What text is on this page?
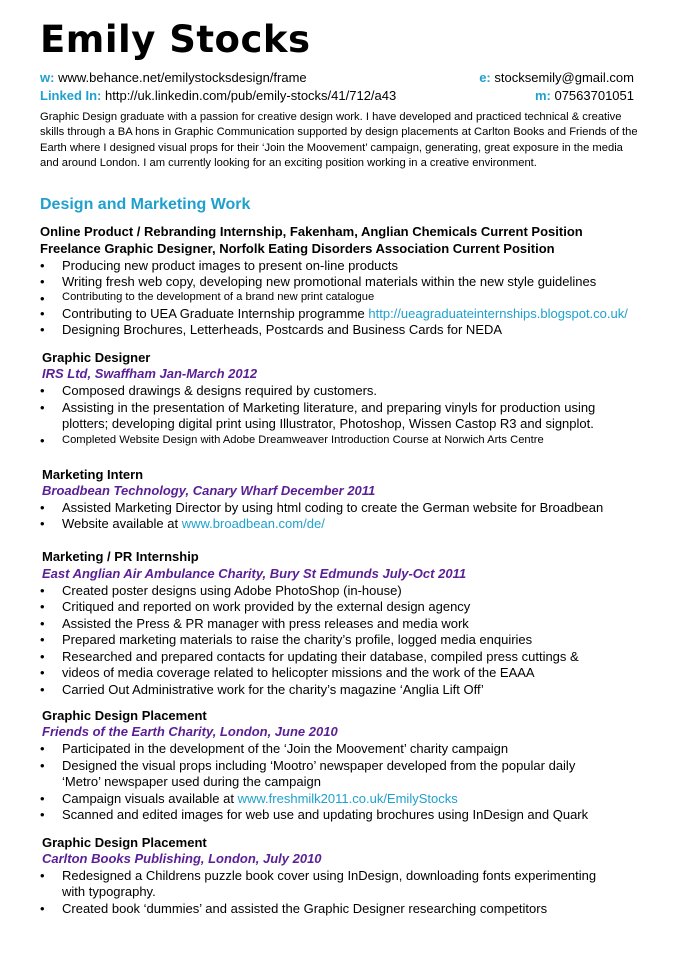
Emily Stocks
w: www.behance.net/emilystocksdesign/frame
Linked In: http://uk.linkedin.com/pub/emily-stocks/41/712/a43
e: stocksemily@gmail.com
m: 07563701051
Graphic Design graduate with a passion for creative design work. I have developed and practiced technical & creative skills through a BA hons in Graphic Communication supported by design placements at Carlton Books and Friends of the Earth where I designed visual props for their ‘Join the Moovement’ campaign, generating, great exposure in the media and around London. I am currently looking for an exciting position working in a creative environment.
Design and Marketing Work
Online Product / Rebranding Internship, Fakenham, Anglian Chemicals Current Position
Freelance Graphic Designer, Norfolk Eating Disorders Association Current Position
• Producing new product images to present on-line products
• Writing fresh web copy, developing new promotional materials within the new style guidelines
• Contributing to the development of a brand new print catalogue
• Contributing to UEA Graduate Internship programme http://ueagraduateinternships.blogspot.co.uk/
• Designing Brochures, Letterheads, Postcards and Business Cards for NEDA
Graphic Designer
IRS Ltd, Swaffham Jan-March 2012
• Composed drawings & designs required by customers.
• Assisting in the presentation of Marketing literature, and preparing vinyls for production using
plotters; developing digital print using Illustrator, Photoshop, Wissen Castop R3 and signplot.
• Completed Website Design with Adobe Dreamweaver Introduction Course at Norwich Arts Centre
Marketing Intern
Broadbean Technology, Canary Wharf December 2011
• Assisted Marketing Director by using html coding to create the German website for Broadbean
• Website available at www.broadbean.com/de/
Marketing / PR Internship
East Anglian Air Ambulance Charity, Bury St Edmunds July-Oct 2011
• Created poster designs using Adobe PhotoShop (in-house)
• Critiqued and reported on work provided by the external design agency
• Assisted the Press & PR manager with press releases and media work
• Prepared marketing materials to raise the charity’s profile, logged media enquiries
• Researched and prepared contacts for updating their database, compiled press cuttings &
• videos of media coverage related to helicopter missions and the work of the EAAA
• Carried Out Administrative work for the charity’s magazine ‘Anglia Lift Off’
Graphic Design Placement
Friends of the Earth Charity, London, June 2010
• Participated in the development of the ‘Join the Moovement’ charity campaign
• Designed the visual props including ‘Mootro’ newspaper developed from the popular daily
‘Metro’ newspaper used during the campaign
• Campaign visuals available at www.freshmilk2011.co.uk/EmilyStocks
• Scanned and edited images for web use and updating brochures using InDesign and Quark
Graphic Design Placement
Carlton Books Publishing, London, July 2010
• Redesigned a Childrens puzzle book cover using InDesign, downloading fonts experimenting
with typography.
• Created book ‘dummies’ and assisted the Graphic Designer researching competitors
